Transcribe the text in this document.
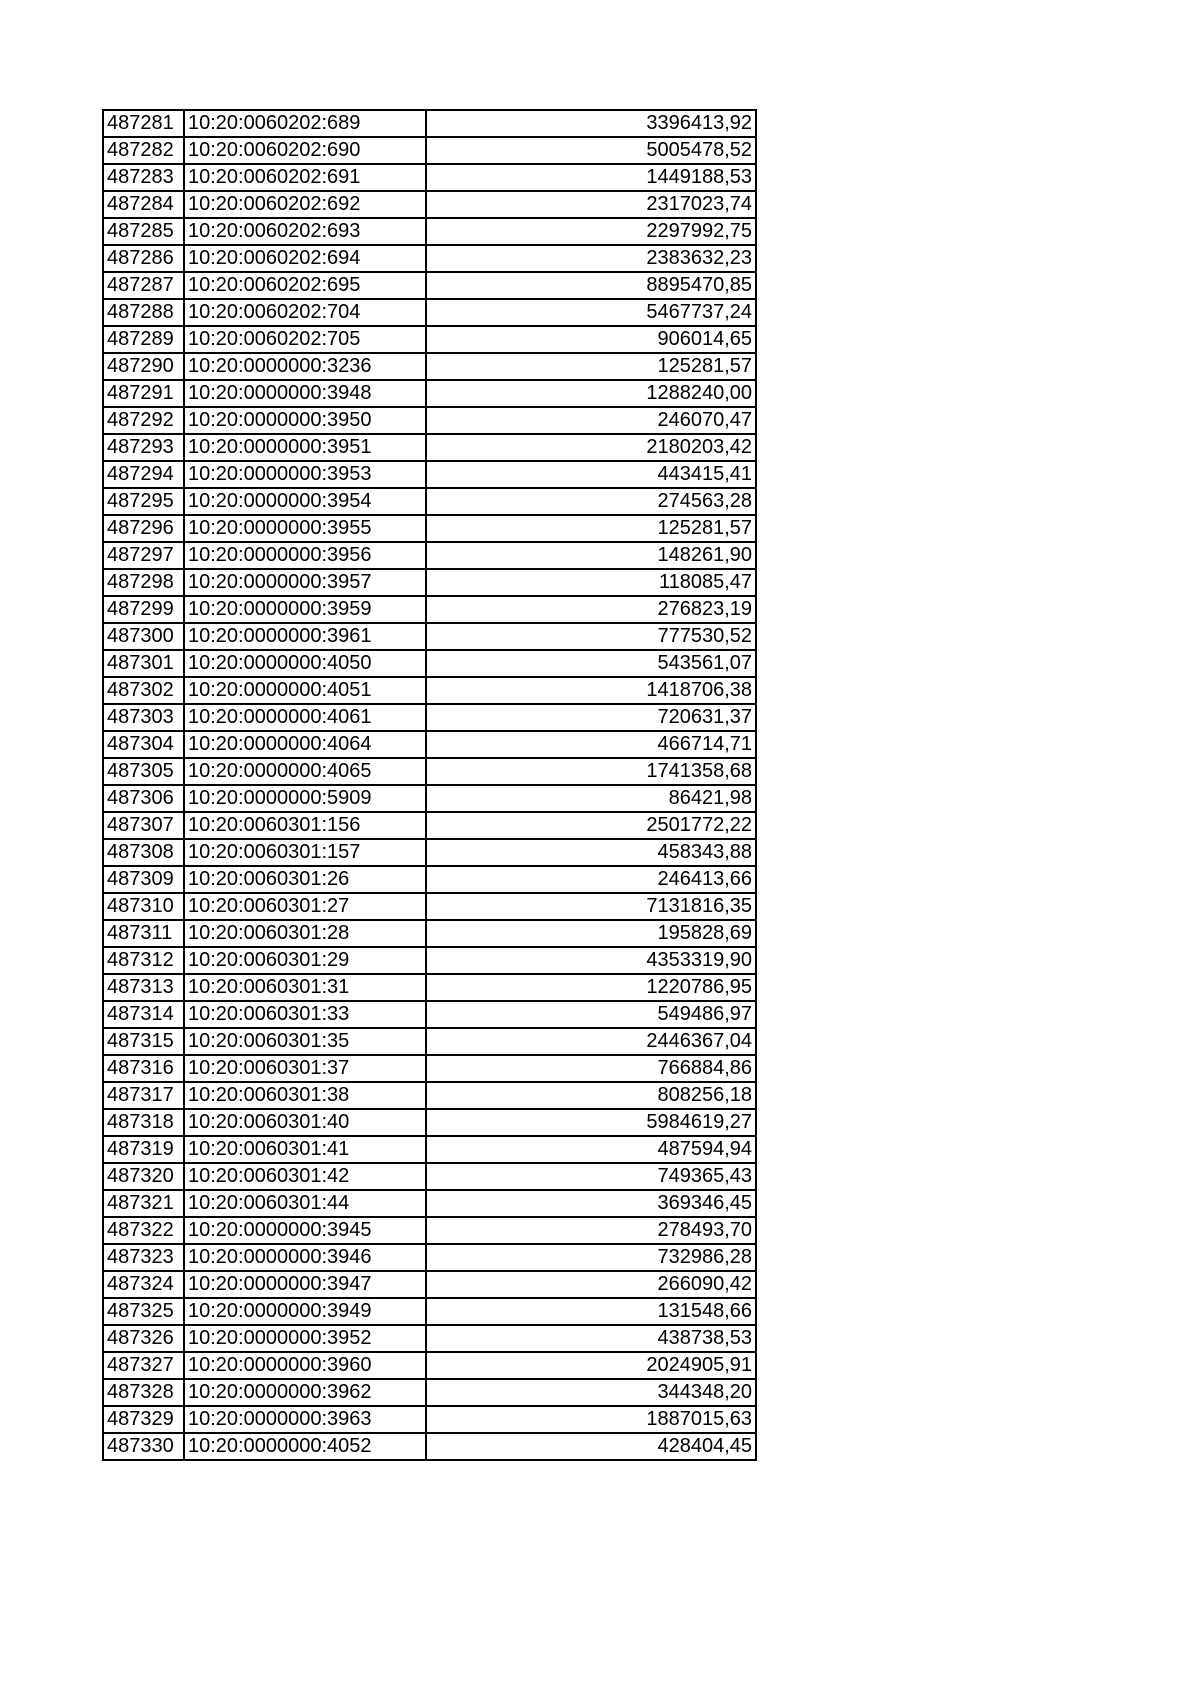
487281	10:20:0060202:689	3396413,92
487282	10:20:0060202:690	5005478,52
487283	10:20:0060202:691	1449188,53
487284	10:20:0060202:692	2317023,74
487285	10:20:0060202:693	2297992,75
487286	10:20:0060202:694	2383632,23
487287	10:20:0060202:695	8895470,85
487288	10:20:0060202:704	5467737,24
487289	10:20:0060202:705	906014,65
487290	10:20:0000000:3236	125281,57
487291	10:20:0000000:3948	1288240,00
487292	10:20:0000000:3950	246070,47
487293	10:20:0000000:3951	2180203,42
487294	10:20:0000000:3953	443415,41
487295	10:20:0000000:3954	274563,28
487296	10:20:0000000:3955	125281,57
487297	10:20:0000000:3956	148261,90
487298	10:20:0000000:3957	118085,47
487299	10:20:0000000:3959	276823,19
487300	10:20:0000000:3961	777530,52
487301	10:20:0000000:4050	543561,07
487302	10:20:0000000:4051	1418706,38
487303	10:20:0000000:4061	720631,37
487304	10:20:0000000:4064	466714,71
487305	10:20:0000000:4065	1741358,68
487306	10:20:0000000:5909	86421,98
487307	10:20:0060301:156	2501772,22
487308	10:20:0060301:157	458343,88
487309	10:20:0060301:26	246413,66
487310	10:20:0060301:27	7131816,35
487311	10:20:0060301:28	195828,69
487312	10:20:0060301:29	4353319,90
487313	10:20:0060301:31	1220786,95
487314	10:20:0060301:33	549486,97
487315	10:20:0060301:35	2446367,04
487316	10:20:0060301:37	766884,86
487317	10:20:0060301:38	808256,18
487318	10:20:0060301:40	5984619,27
487319	10:20:0060301:41	487594,94
487320	10:20:0060301:42	749365,43
487321	10:20:0060301:44	369346,45
487322	10:20:0000000:3945	278493,70
487323	10:20:0000000:3946	732986,28
487324	10:20:0000000:3947	266090,42
487325	10:20:0000000:3949	131548,66
487326	10:20:0000000:3952	438738,53
487327	10:20:0000000:3960	2024905,91
487328	10:20:0000000:3962	344348,20
487329	10:20:0000000:3963	1887015,63
487330	10:20:0000000:4052	428404,45
